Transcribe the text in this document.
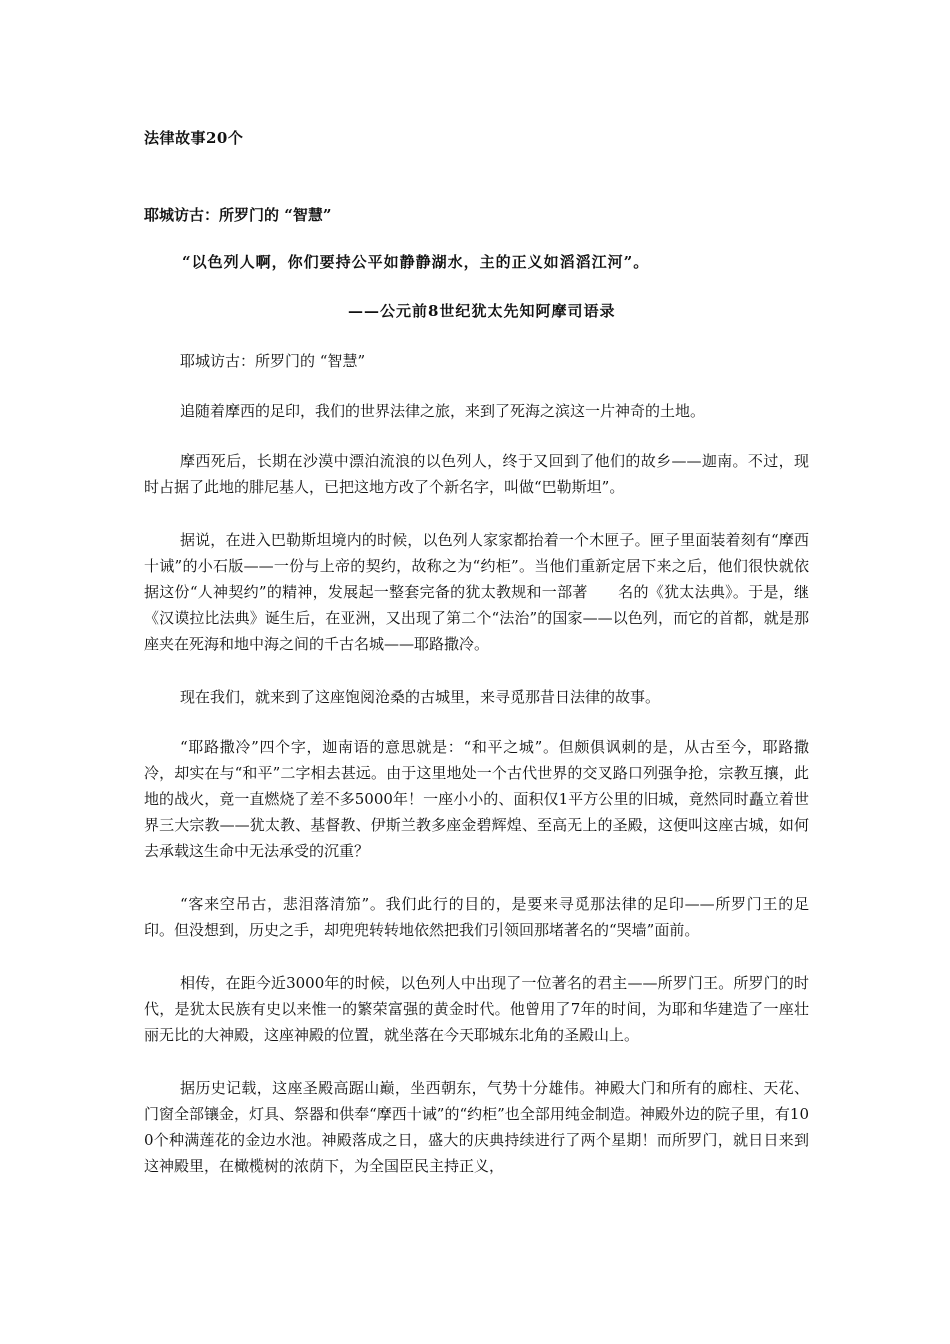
法律故事20个
耶城访古：所罗门的 “智慧”

“以色列人啊，你们要持公平如静静湖水，主的正义如滔滔江河”。

——公元前8世纪犹太先知阿摩司语录

耶城访古：所罗门的 “智慧”

追随着摩西的足印，我们的世界法律之旅，来到了死海之滨这一片神奇的土地。

摩西死后，长期在沙漠中漂泊流浪的以色列人，终于又回到了他们的故乡——迦南。不过，现时占据了此地的腓尼基人，已把这地方改了个新名字，叫做“巴勒斯坦”。

据说，在进入巴勒斯坦境内的时候，以色列人家家都抬着一个木匣子。匣子里面装着刻有“摩西十诫”的小石版——一份与上帝的契约，故称之为“约柜”。当他们重新定居下来之后，他们很快就依据这份“人神契约”的精神，发展起一整套完备的犹太教规和一部著　　名的《犹太法典》。于是，继《汉谟拉比法典》诞生后，在亚洲，又出现了第二个“法治”的国家——以色列，而它的首都，就是那座夹在死海和地中海之间的千古名城——耶路撒冷。

现在我们，就来到了这座饱阅沧桑的古城里，来寻觅那昔日法律的故事。

“耶路撒冷”四个字，迦南语的意思就是：“和平之城”。但颇俱讽刺的是，从古至今，耶路撒冷，却实在与“和平”二字相去甚远。由于这里地处一个古代世界的交叉路口列强争抢，宗教互攘，此地的战火，竟一直燃烧了差不多5000年！一座小小的、面积仅1平方公里的旧城，竟然同时矗立着世界三大宗教——犹太教、基督教、伊斯兰教多座金碧辉煌、至高无上的圣殿，这便叫这座古城，如何去承载这生命中无法承受的沉重？

“客来空吊古，悲泪落清笳”。我们此行的目的，是要来寻觅那法律的足印——所罗门王的足印。但没想到，历史之手，却兜兜转转地依然把我们引领回那堵著名的“哭墙”面前。

相传，在距今近3000年的时候，以色列人中出现了一位著名的君主——所罗门王。所罗门的时代，是犹太民族有史以来惟一的繁荣富强的黄金时代。他曾用了7年的时间，为耶和华建造了一座壮丽无比的大神殿，这座神殿的位置，就坐落在今天耶城东北角的圣殿山上。

据历史记载，这座圣殿高踞山巅，坐西朝东，气势十分雄伟。神殿大门和所有的廊柱、天花、门窗全部镶金，灯具、祭器和供奉“摩西十诫”的“约柜”也全部用纯金制造。神殿外边的院子里，有100个种满莲花的金边水池。神殿落成之日，盛大的庆典持续进行了两个星期！而所罗门，就日日来到这神殿里，在橄榄树的浓荫下，为全国臣民主持正义，
